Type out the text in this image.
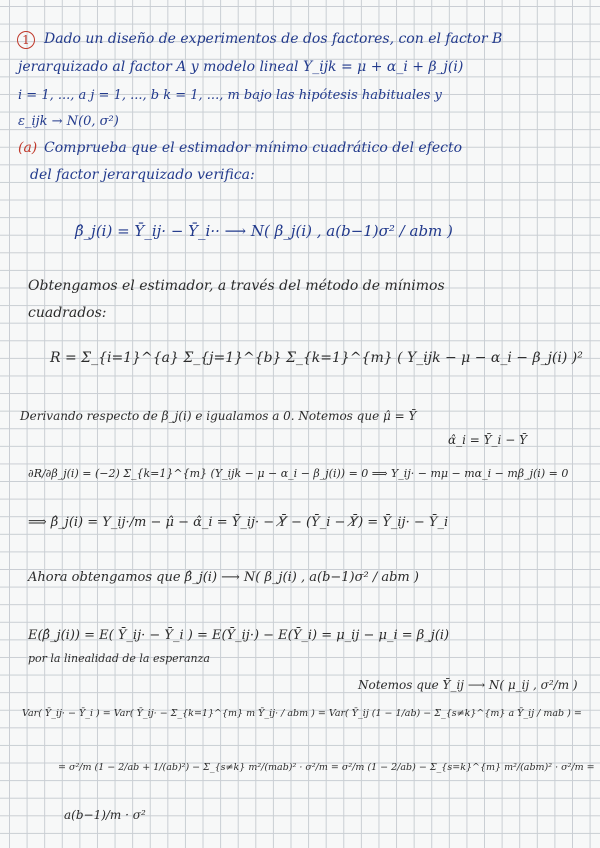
1	Dado un diseño de experimentos de dos factores, con el factor B
jerarquizado al factor A y modelo lineal Y_ijk = μ + α_i + β_j(i)
i = 1, ..., a j = 1, ..., b k = 1, ..., m bajo las hipótesis habituales y
ε_ijk → N(0, σ²)
(a) Comprueba que el estimador mínimo cuadrático del efecto
del factor jerarquizado verifica:
β̂_j(i) = Ȳ_ij· − Ȳ_i·· ⟶ N( β_j(i) , a(b−1)σ² / abm )
Obtengamos el estimador, a través del método de mínimos
cuadrados:
R = Σ_{i=1}^{a} Σ_{j=1}^{b} Σ_{k=1}^{m} ( Y_ijk − μ − α_i − β_j(i) )²
Derivando respecto de β_j(i) e igualamos a 0. Notemos que μ̂ = Ȳ
α̂_i = Ȳ_i − Ȳ
∂R/∂β_j(i) = (−2) Σ_{k=1}^{m} (Y_ijk − μ − α_i − β_j(i)) = 0 ⟹ Y_ij· − mμ − mα_i − mβ_j(i) = 0
⟹ β̂_j(i) = Y_ij·/m − μ̂ − α̂_i = Ȳ_ij· − Ȳ̸ − (Ȳ_i − Ȳ̸) = Ȳ_ij· − Ȳ_i
Ahora obtengamos que β̂_j(i) ⟶ N( β_j(i) , a(b−1)σ² / abm )
E(β̂_j(i)) = E( Ȳ_ij· − Ȳ_i ) = E(Ȳ_ij·) − E(Ȳ_i) = μ_ij − μ_i = β_j(i)
por la linealidad de la esperanza
Notemos que Ȳ_ij ⟶ N( μ_ij , σ²/m )
Var( Ȳ_ij· − Ȳ_i ) = Var( Ȳ_ij· − Σ_{k=1}^{m} m Ȳ_ij· / abm ) = Var( Ȳ_ij (1 − 1/ab) − Σ_{s≠k}^{m} a Ȳ_ij / mab ) =
= σ²/m (1 − 2/ab + 1/(ab)²) − Σ_{s≠k} m²/(mab)² · σ²/m = σ²/m (1 − 2/ab) − Σ_{s=k}^{m} m²/(abm)² · σ²/m =
a(b−1)/m · σ²
